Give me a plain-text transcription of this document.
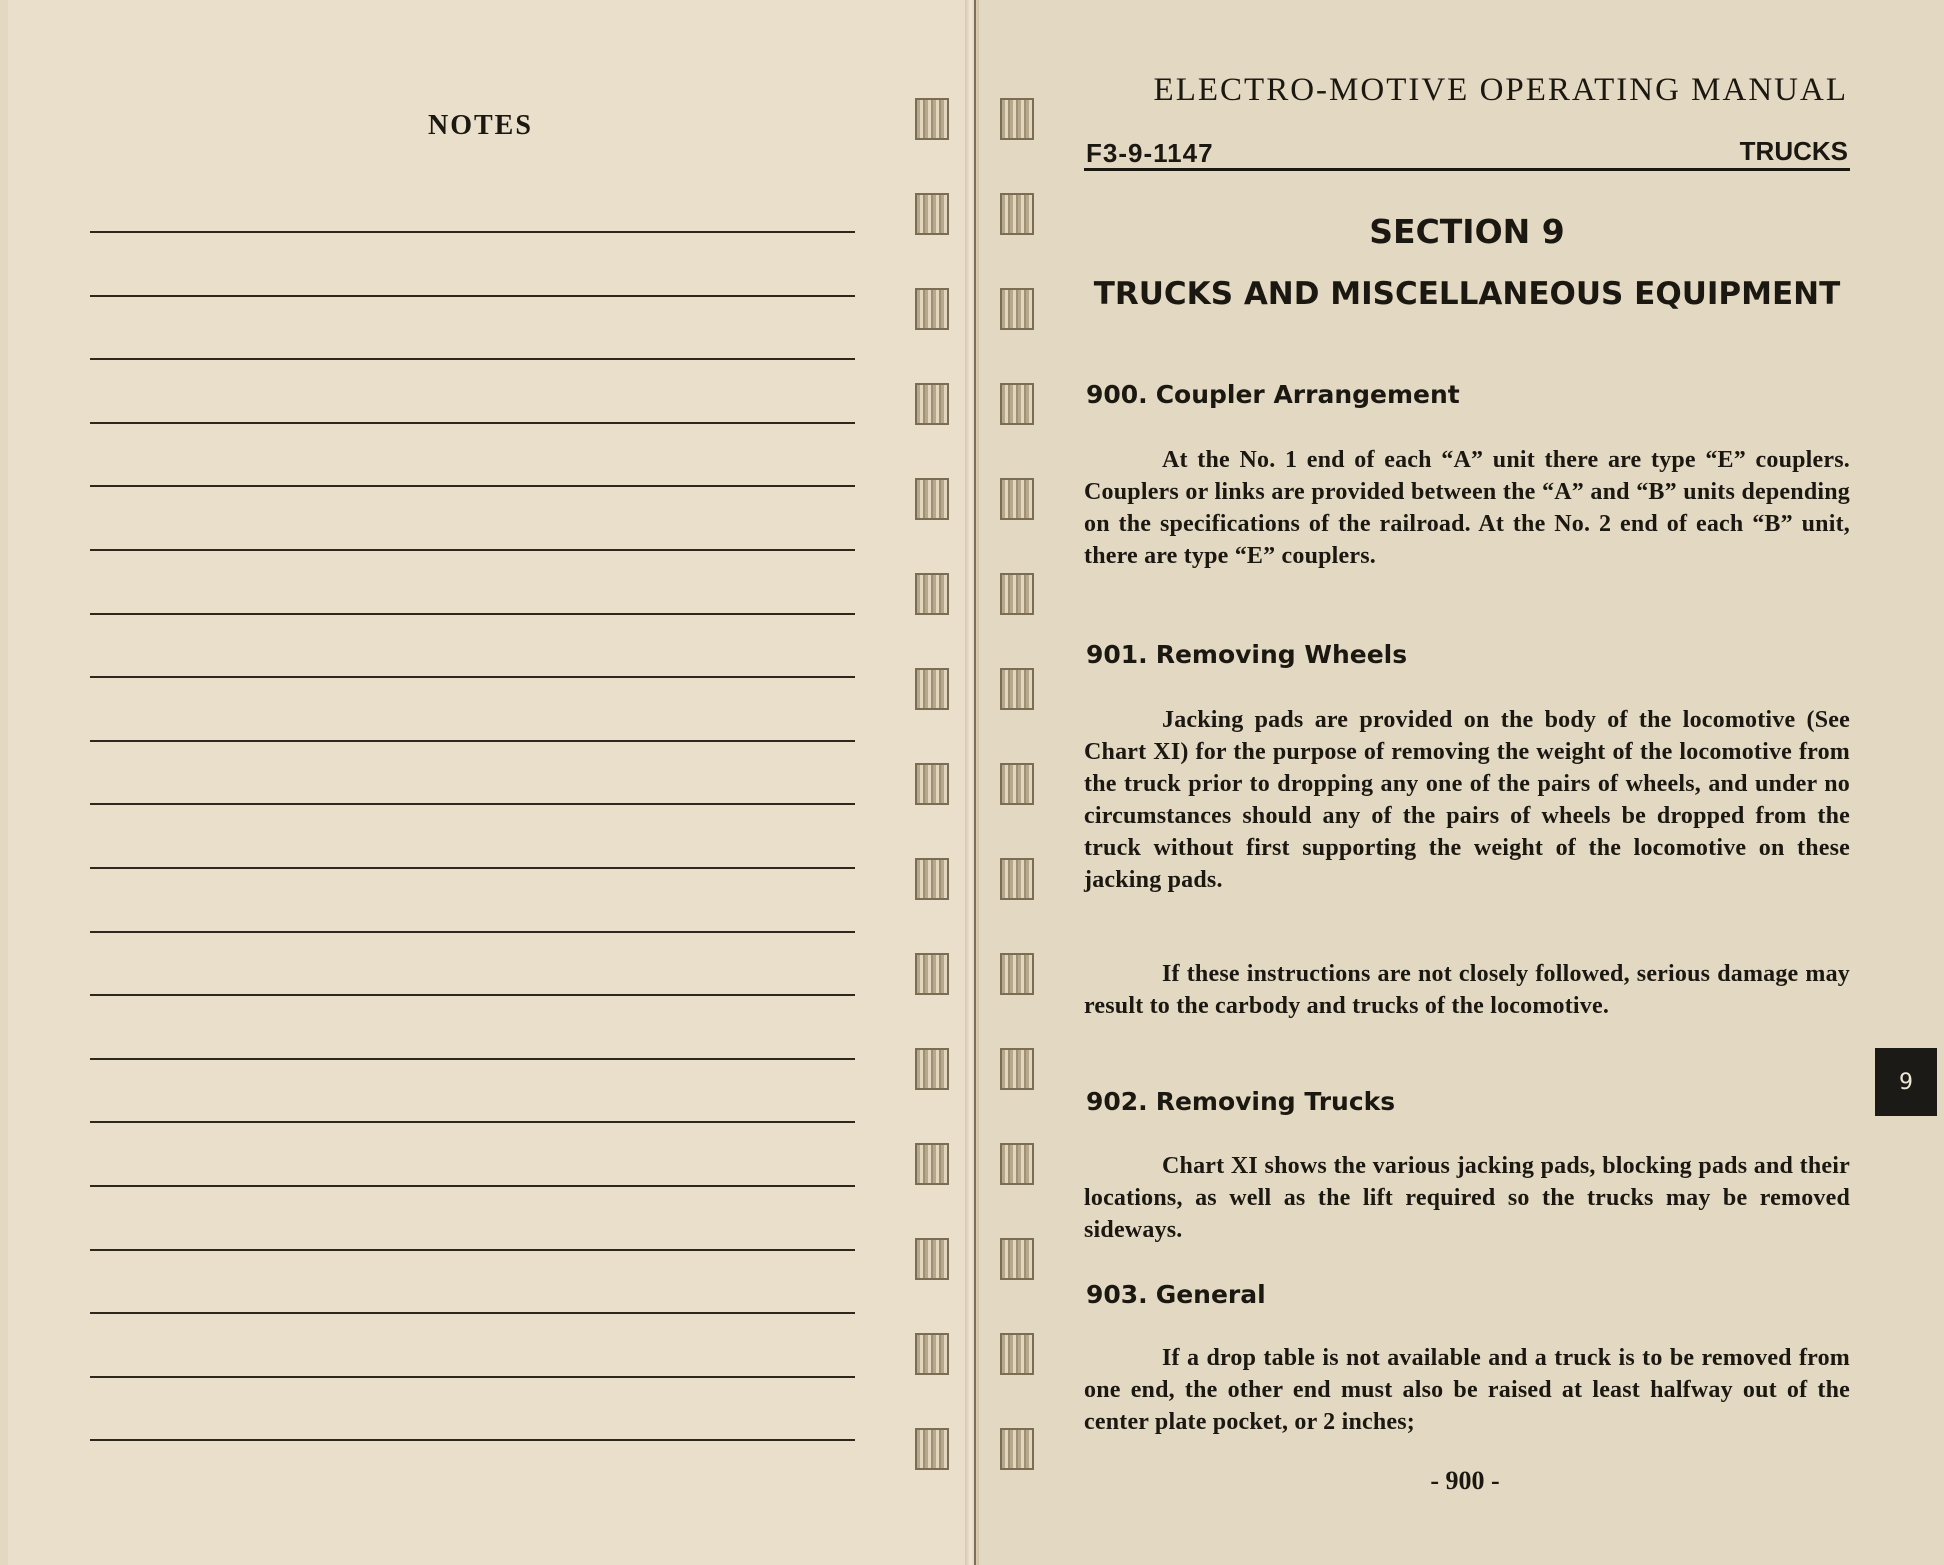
NOTES
ELECTRO-MOTIVE OPERATING MANUAL
F3-9-1147	TRUCKS
SECTION 9
TRUCKS AND MISCELLANEOUS EQUIPMENT
900. Coupler Arrangement
At the No. 1 end of each “A” unit there are type “E” couplers. Couplers or links are provided between the “A” and “B” units depending on the specifications of the railroad. At the No. 2 end of each “B” unit, there are type “E” couplers.
901. Removing Wheels
Jacking pads are provided on the body of the locomotive (See Chart XI) for the purpose of removing the weight of the locomotive from the truck prior to dropping any one of the pairs of wheels, and under no circumstances should any of the pairs of wheels be dropped from the truck without first supporting the weight of the locomotive on these jacking pads.
If these instructions are not closely followed, serious damage may result to the carbody and trucks of the locomotive.
902. Removing Trucks
Chart XI shows the various jacking pads, blocking pads and their locations, as well as the lift required so the trucks may be removed sideways.
903. General
If a drop table is not available and a truck is to be removed from one end, the other end must also be raised at least halfway out of the center plate pocket, or 2 inches;
- 900 -
9
